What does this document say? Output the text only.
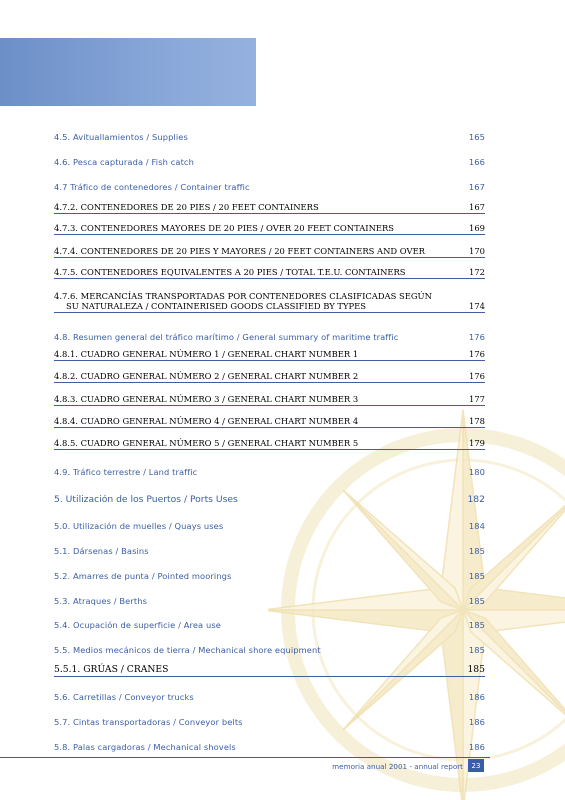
4.5. Avituallamientos / Supplies	165
4.6. Pesca capturada / Fish catch	166
4.7 Tráfico de contenedores / Container traffic	167
4.7.2. CONTENEDORES DE 20 PIES / 20 FEET CONTAINERS	167
4.7.3. CONTENEDORES MAYORES DE 20 PIES / OVER 20 FEET CONTAINERS	169
4.7.4. CONTENEDORES DE 20 PIES Y MAYORES / 20 FEET CONTAINERS AND OVER	170
4.7.5. CONTENEDORES EQUIVALENTES A 20 PIES / TOTAL T.E.U. CONTAINERS	172
4.7.6. MERCANCÍAS TRANSPORTADAS POR CONTENEDORES CLASIFICADAS SEGÚN
SU NATURALEZA / CONTAINERISED GOODS CLASSIFIED BY TYPES	174
4.8. Resumen general del tráfico marítimo / General summary of maritime traffic	176
4.8.1. CUADRO GENERAL NÚMERO 1 / GENERAL CHART NUMBER 1	176
4.8.2. CUADRO GENERAL NÚMERO 2 / GENERAL CHART NUMBER 2	176
4.8.3. CUADRO GENERAL NÚMERO 3 / GENERAL CHART NUMBER 3	177
4.8.4. CUADRO GENERAL NÚMERO 4 / GENERAL CHART NUMBER 4	178
4.8.5. CUADRO GENERAL NÚMERO 5 / GENERAL CHART NUMBER 5	179
4.9. Tráfico terrestre / Land traffic	180
5. Utilización de los Puertos / Ports Uses	182
5.0. Utilización de muelles / Quays uses	184
5.1. Dársenas / Basins	185
5.2. Amarres de punta / Pointed moorings	185
5.3. Atraques / Berths	185
5.4. Ocupación de superficie / Area use	185
5.5. Medios mecánicos de tierra / Mechanical shore equipment	185
5.5.1. GRÚAS / CRANES	185
5.6. Carretillas / Conveyor trucks	186
5.7. Cintas transportadoras / Conveyor belts	186
5.8. Palas cargadoras / Mechanical shovels	186
memoria anual 2001 - annual report	23
